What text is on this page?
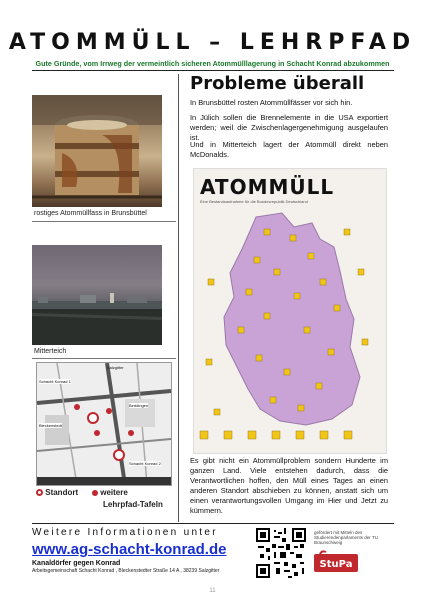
ATOMMÜLL – LEHRPFAD
Gute Gründe, vom Irrweg der vermeintlich sicheren Atommülllagerung in Schacht Konrad abzukommen
rostiges Atommüllfass in Brunsbüttel
Mitterteich
Salzgitter
Schacht Konrad 1
Bleckenstedt
Beddingen
Schacht Konrad 2
Standort	weitere
Lehrpfad-Tafeln
Probleme überall
In Brunsbüttel rosten Atommüllfässer vor sich hin.
In Jülich sollen die Brennelemente in die USA exportiert werden; weil die Zwischenlagergenehmigung ausgelaufen ist.
Und in Mitterteich lagert der Atommüll direkt neben McDonalds.
ATOMMÜLL
Eine Bestandsaufnahme für die Bundesrepublik Deutschland
Es gibt nicht ein Atommüllproblem sondern Hunderte im ganzen Land. Viele entstehen dadurch, dass die Verantwortlichen hoffen, den Müll eines Tages an einen anderen Standort abschieben zu können, anstatt sich um einen verantwortungsvollen Umgang im Hier und Jetzt zu kümmern.
Weitere Informationen unter
www.ag-schacht-konrad.de
Kanaldörfer gegen Konrad
Arbeitsgemeinschaft Schacht Konrad , Bleckenstedter Straße 14 A , 38239 Salzgitter
gefördert mit Mitteln des Studierendenparlaments der TU Braunschweig
StuPa
11
